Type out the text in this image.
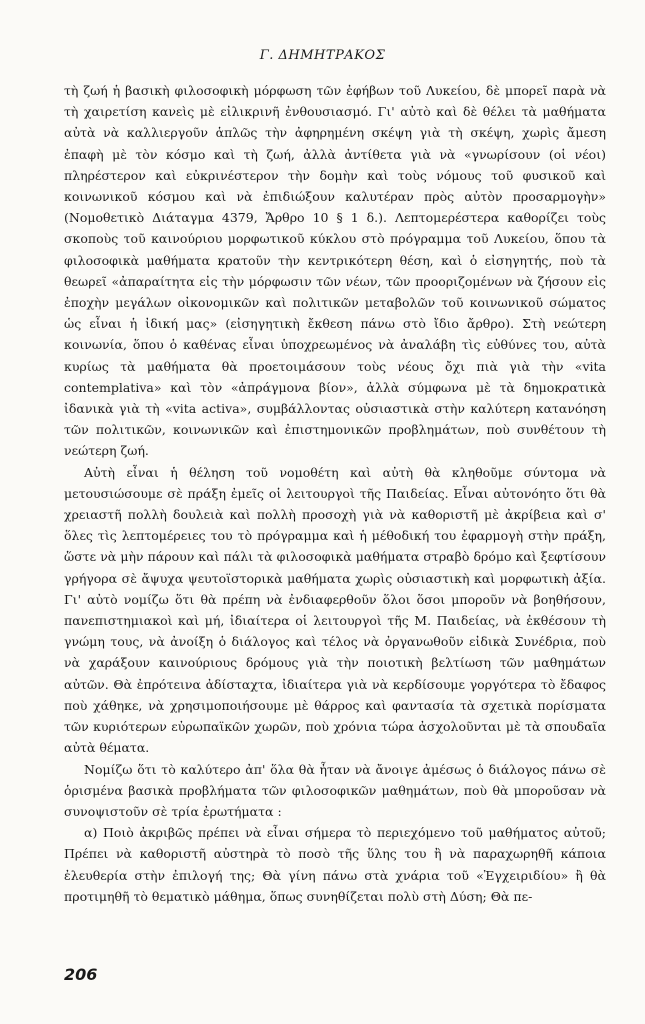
Γ. ΔΗΜΗΤΡΑΚΟΣ

τὴ ζωή ἡ βασικὴ φιλοσοφικὴ μόρφωση τῶν ἐφήβων τοῦ Λυκείου, δὲ μπορεῖ παρὰ νὰ τὴ χαιρετίση κανεὶς μὲ εἰλικρινῆ ἐνθουσιασμό. Γι' αὐτὸ καὶ δὲ θέλει τὰ μαθήματα αὐτὰ νὰ καλλιεργοῦν ἁπλῶς τὴν ἀφηρημένη σκέψη γιὰ τὴ σκέψη, χωρὶς ἄμεση ἐπαφὴ μὲ τὸν κόσμο καὶ τὴ ζωή, ἀλλὰ ἀντίθετα γιὰ νὰ «γνωρίσουν (οἱ νέοι) πληρέστερον καὶ εὐκρινέστερον τὴν δομὴν καὶ τοὺς νόμους τοῦ φυσικοῦ καὶ κοινωνικοῦ κόσμου καὶ νὰ ἐπιδιώξουν καλυτέραν πρὸς αὐτὸν προσαρμογὴν» (Νομοθετικὸ Διάταγμα 4379, Ἄρθρο 10 § 1 δ.). Λεπτομερέστερα καθορίζει τοὺς σκοποὺς τοῦ καινούριου μορφωτικοῦ κύκλου στὸ πρόγραμμα τοῦ Λυκείου, ὅπου τὰ φιλοσοφικὰ μαθήματα κρατοῦν τὴν κεντρικότερη θέση, καὶ ὁ εἰσηγητής, ποὺ τὰ θεωρεῖ «ἀπαραίτητα εἰς τὴν μόρφωσιν τῶν νέων, τῶν προοριζομένων νὰ ζήσουν εἰς ἐποχὴν μεγάλων οἰκονομικῶν καὶ πολιτικῶν μεταβολῶν τοῦ κοινωνικοῦ σώματος ὡς εἶναι ἡ ἰδική μας» (εἰσηγητικὴ ἔκθεση πάνω στὸ ἴδιο ἄρθρο). Στὴ νεώτερη κοινωνία, ὅπου ὁ καθένας εἶναι ὑποχρεωμένος νὰ ἀναλάβη τὶς εὐθύνες του, αὐτὰ κυρίως τὰ μαθήματα θὰ προετοιμάσουν τοὺς νέους ὄχι πιὰ γιὰ τὴν «vita contemplativa» καὶ τὸν «ἀπράγμονα βίον», ἀλλὰ σύμφωνα μὲ τὰ δημοκρατικὰ ἰδανικὰ γιὰ τὴ «vita activa», συμβάλλοντας οὐσιαστικὰ στὴν καλύτερη κατανόηση τῶν πολιτικῶν, κοινωνικῶν καὶ ἐπιστημονικῶν προβλημάτων, ποὺ συνθέτουν τὴ νεώτερη ζωή.

Αὐτὴ εἶναι ἡ θέληση τοῦ νομοθέτη καὶ αὐτὴ θὰ κληθοῦμε σύντομα νὰ μετουσιώσουμε σὲ πράξη ἐμεῖς οἱ λειτουργοὶ τῆς Παιδείας. Εἶναι αὐτονόητο ὅτι θὰ χρειαστῆ πολλὴ δουλειὰ καὶ πολλὴ προσοχὴ γιὰ νὰ καθοριστῆ μὲ ἀκρίβεια καὶ σ' ὅλες τὶς λεπτομέρειες του τὸ πρόγραμμα καὶ ἡ μέθοδική του ἐφαρμογὴ στὴν πράξη, ὥστε νὰ μὴν πάρουν καὶ πάλι τὰ φιλοσοφικὰ μαθήματα στραβὸ δρόμο καὶ ξεφτίσουν γρήγορα σὲ ἄψυχα ψευτοϊστορικὰ μαθήματα χωρὶς οὐσιαστικὴ καὶ μορφωτικὴ ἀξία. Γι' αὐτὸ νομίζω ὅτι θὰ πρέπη νὰ ἐνδιαφερθοῦν ὅλοι ὅσοι μποροῦν νὰ βοηθήσουν, πανεπιστημιακοὶ καὶ μή, ἰδιαίτερα οἱ λειτουργοὶ τῆς Μ. Παιδείας, νὰ ἐκθέσουν τὴ γνώμη τους, νὰ ἀνοίξη ὁ διάλογος καὶ τέλος νὰ ὀργανωθοῦν εἰδικὰ Συνέδρια, ποὺ νὰ χαράξουν καινούριους δρόμους γιὰ τὴν ποιοτικὴ βελτίωση τῶν μαθημάτων αὐτῶν. Θὰ ἐπρότεινα ἀδίσταχτα, ἰδιαίτερα γιὰ νὰ κερδίσουμε γοργότερα τὸ ἔδαφος ποὺ χάθηκε, νὰ χρησιμοποιήσουμε μὲ θάρρος καὶ φαντασία τὰ σχετικὰ πορίσματα τῶν κυριότερων εὐρωπαϊκῶν χωρῶν, ποὺ χρόνια τώρα ἀσχολοῦνται μὲ τὰ σπουδαῖα αὐτὰ θέματα.

Νομίζω ὅτι τὸ καλύτερο ἀπ' ὅλα θὰ ἦταν νὰ ἄνοιγε ἀμέσως ὁ διάλογος πάνω σὲ ὁρισμένα βασικὰ προβλήματα τῶν φιλοσοφικῶν μαθημάτων, ποὺ θὰ μποροῦσαν νὰ συνοψιστοῦν σὲ τρία ἐρωτήματα :

α) Ποιὸ ἀκριβῶς πρέπει νὰ εἶναι σήμερα τὸ περιεχόμενο τοῦ μαθήματος αὐτοῦ; Πρέπει νὰ καθοριστῆ αὐστηρὰ τὸ ποσὸ τῆς ὕλης του ἢ νὰ παραχωρηθῆ κάποια ἐλευθερία στὴν ἐπιλογή της; Θὰ γίνη πάνω στὰ χνάρια τοῦ «Ἐγχειριδίου» ἢ θὰ προτιμηθῆ τὸ θεματικὸ μάθημα, ὅπως συνηθίζεται πολὺ στὴ Δύση; Θὰ πε-

206
